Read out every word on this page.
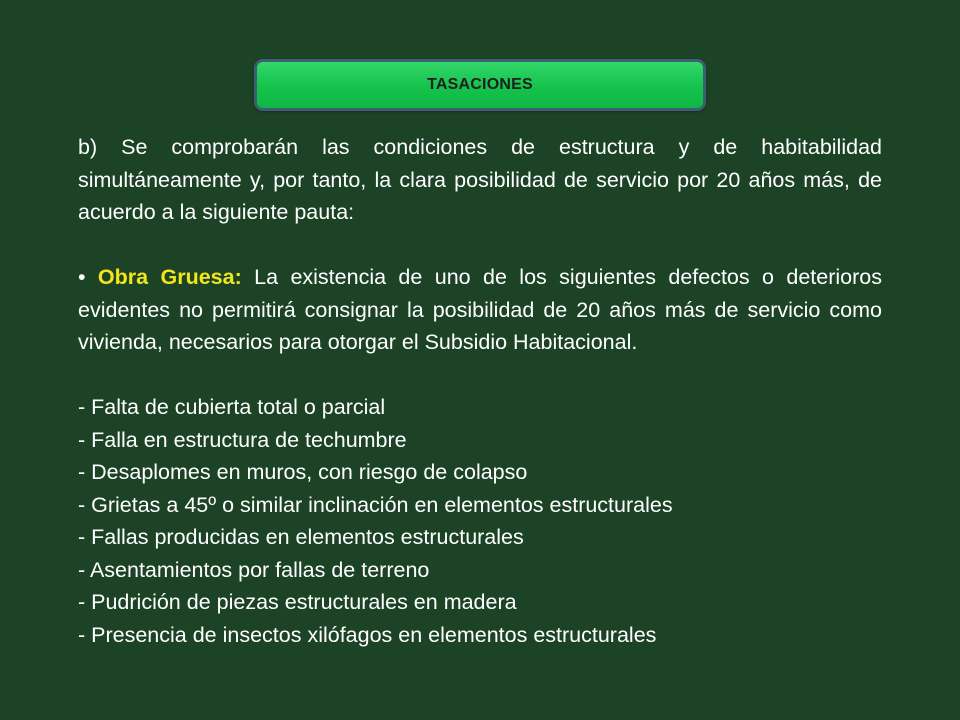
TASACIONES

b) Se comprobarán las condiciones de estructura y de habitabilidad simultáneamente y, por tanto, la clara posibilidad de servicio por 20 años más, de acuerdo a la siguiente pauta:

• Obra Gruesa: La existencia de uno de los siguientes defectos o deterioros evidentes no permitirá consignar la posibilidad de 20 años más de servicio como vivienda, necesarios para otorgar el Subsidio Habitacional.

- Falta de cubierta total o parcial
- Falla en estructura de techumbre
- Desaplomes en muros, con riesgo de colapso
- Grietas a 45º o similar inclinación en elementos estructurales
- Fallas producidas en elementos estructurales
- Asentamientos por fallas de terreno
- Pudrición de piezas estructurales en madera
- Presencia de insectos xilófagos en elementos estructurales
